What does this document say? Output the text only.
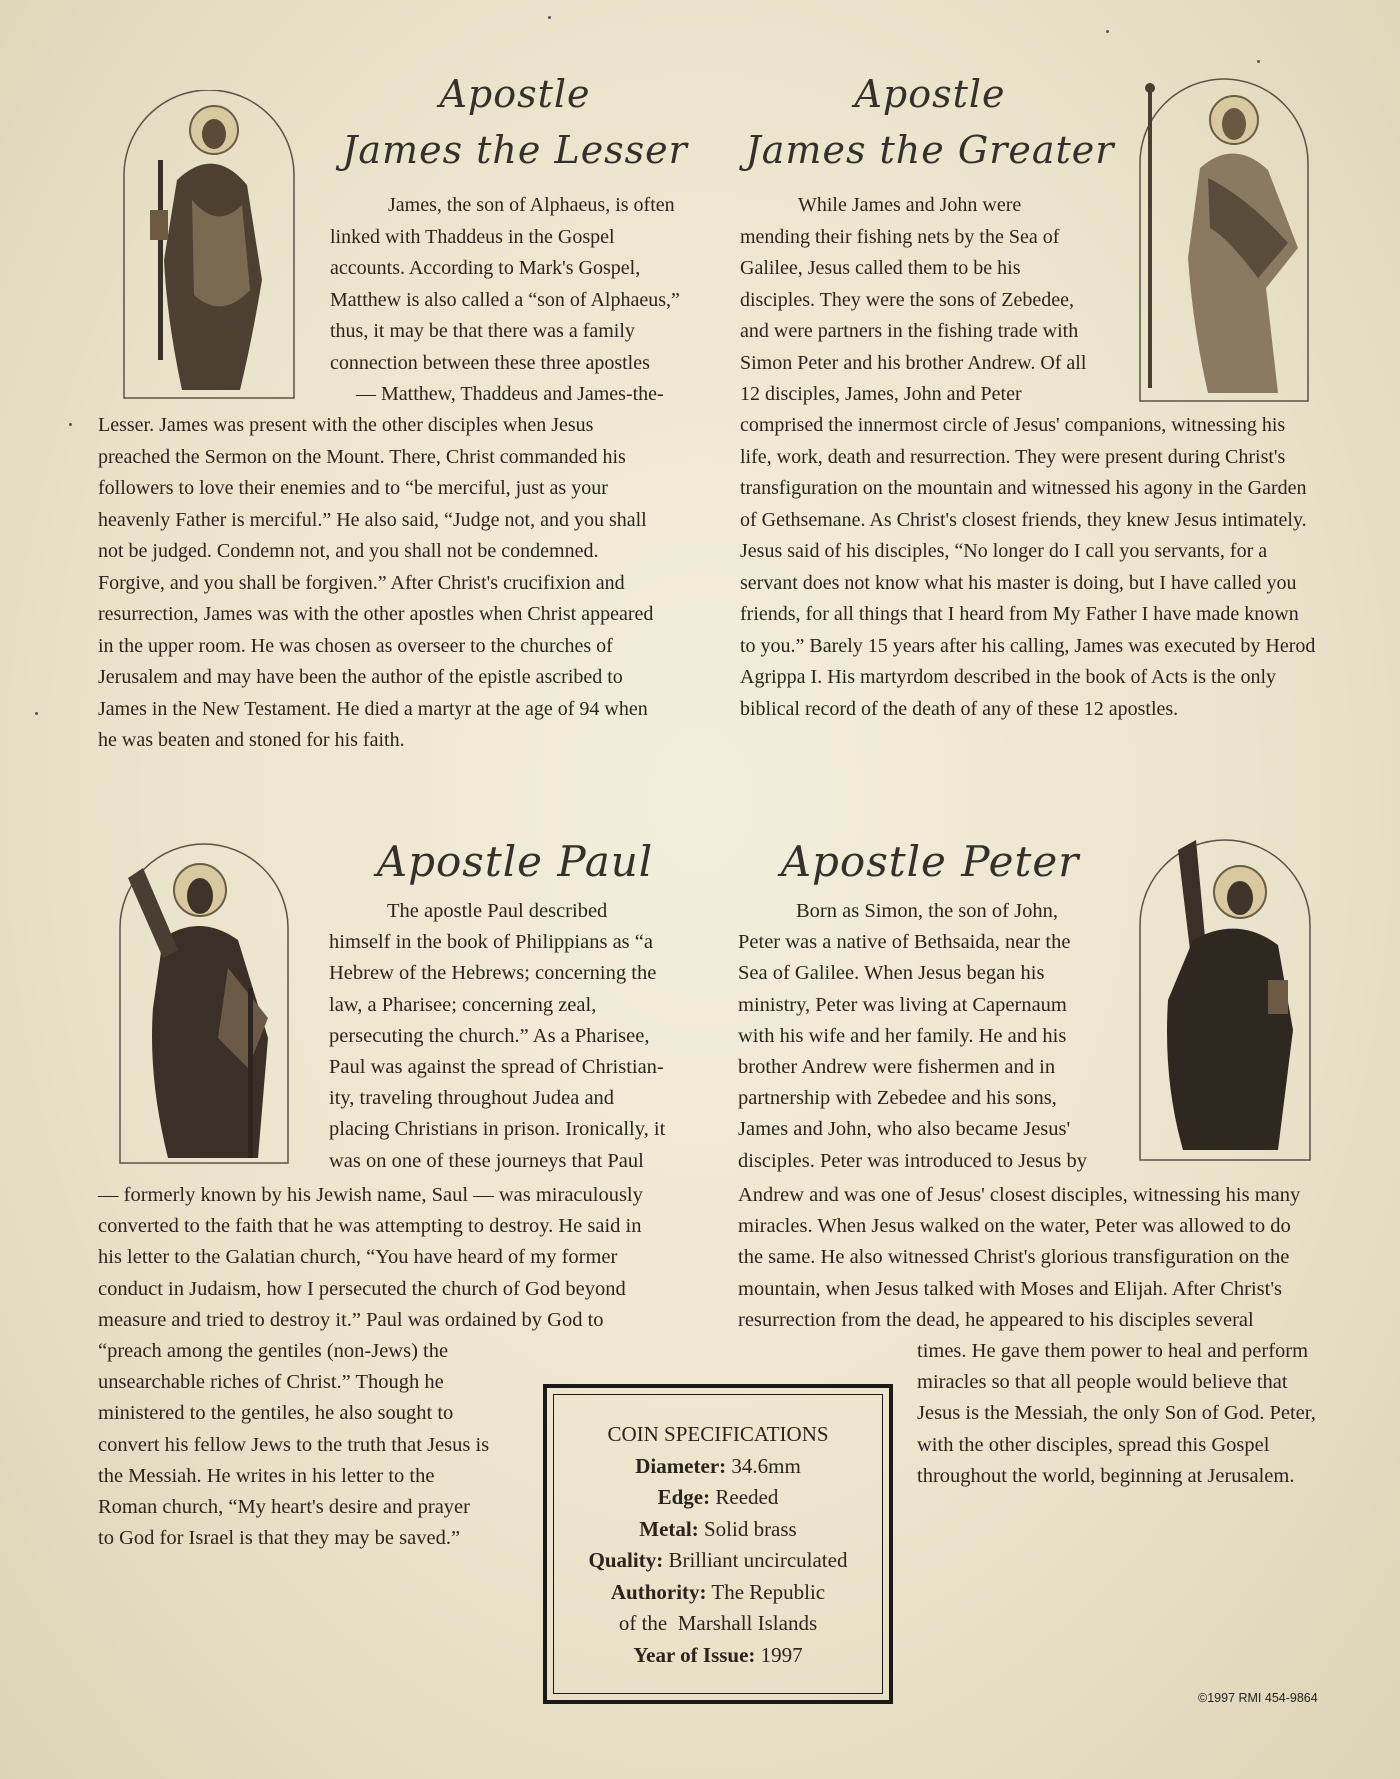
Apostle
James the Lesser
James, the son of Alphaeus, is often
linked with Thaddeus in the Gospel
accounts. According to Mark's Gospel,
Matthew is also called a “son of Alphaeus,”
thus, it may be that there was a family
connection between these three apostles
— Matthew, Thaddeus and James-the-
Lesser. James was present with the other disciples when Jesus
preached the Sermon on the Mount. There, Christ commanded his
followers to love their enemies and to “be merciful, just as your
heavenly Father is merciful.” He also said, “Judge not, and you shall
not be judged. Condemn not, and you shall not be condemned.
Forgive, and you shall be forgiven.” After Christ's crucifixion and
resurrection, James was with the other apostles when Christ appeared
in the upper room. He was chosen as overseer to the churches of
Jerusalem and may have been the author of the epistle ascribed to
James in the New Testament. He died a martyr at the age of 94 when
he was beaten and stoned for his faith.
Apostle
James the Greater
While James and John were
mending their fishing nets by the Sea of
Galilee, Jesus called them to be his
disciples. They were the sons of Zebedee,
and were partners in the fishing trade with
Simon Peter and his brother Andrew. Of all
12 disciples, James, John and Peter
comprised the innermost circle of Jesus' companions, witnessing his
life, work, death and resurrection. They were present during Christ's
transfiguration on the mountain and witnessed his agony in the Garden
of Gethsemane. As Christ's closest friends, they knew Jesus intimately.
Jesus said of his disciples, “No longer do I call you servants, for a
servant does not know what his master is doing, but I have called you
friends, for all things that I heard from My Father I have made known
to you.” Barely 15 years after his calling, James was executed by Herod
Agrippa I. His martyrdom described in the book of Acts is the only
biblical record of the death of any of these 12 apostles.
Apostle Paul
The apostle Paul described
himself in the book of Philippians as “a
Hebrew of the Hebrews; concerning the
law, a Pharisee; concerning zeal,
persecuting the church.” As a Pharisee,
Paul was against the spread of Christian-
ity, traveling throughout Judea and
placing Christians in prison. Ironically, it
was on one of these journeys that Paul
— formerly known by his Jewish name, Saul — was miraculously
converted to the faith that he was attempting to destroy. He said in
his letter to the Galatian church, “You have heard of my former
conduct in Judaism, how I persecuted the church of God beyond
measure and tried to destroy it.” Paul was ordained by God to
“preach among the gentiles (non-Jews) the
unsearchable riches of Christ.” Though he
ministered to the gentiles, he also sought to
convert his fellow Jews to the truth that Jesus is
the Messiah. He writes in his letter to the
Roman church, “My heart's desire and prayer
to God for Israel is that they may be saved.”
Apostle Peter
Born as Simon, the son of John,
Peter was a native of Bethsaida, near the
Sea of Galilee. When Jesus began his
ministry, Peter was living at Capernaum
with his wife and her family. He and his
brother Andrew were fishermen and in
partnership with Zebedee and his sons,
James and John, who also became Jesus'
disciples. Peter was introduced to Jesus by
Andrew and was one of Jesus' closest disciples, witnessing his many
miracles. When Jesus walked on the water, Peter was allowed to do
the same. He also witnessed Christ's glorious transfiguration on the
mountain, when Jesus talked with Moses and Elijah. After Christ's
resurrection from the dead, he appeared to his disciples several
times. He gave them power to heal and perform
miracles so that all people would believe that
Jesus is the Messiah, the only Son of God. Peter,
with the other disciples, spread this Gospel
throughout the world, beginning at Jerusalem.
COIN SPECIFICATIONS
Diameter: 34.6mm
Edge: Reeded
Metal: Solid brass
Quality: Brilliant uncirculated
Authority: The Republic
of the  Marshall Islands
Year of Issue: 1997
©1997 RMI 454-9864
